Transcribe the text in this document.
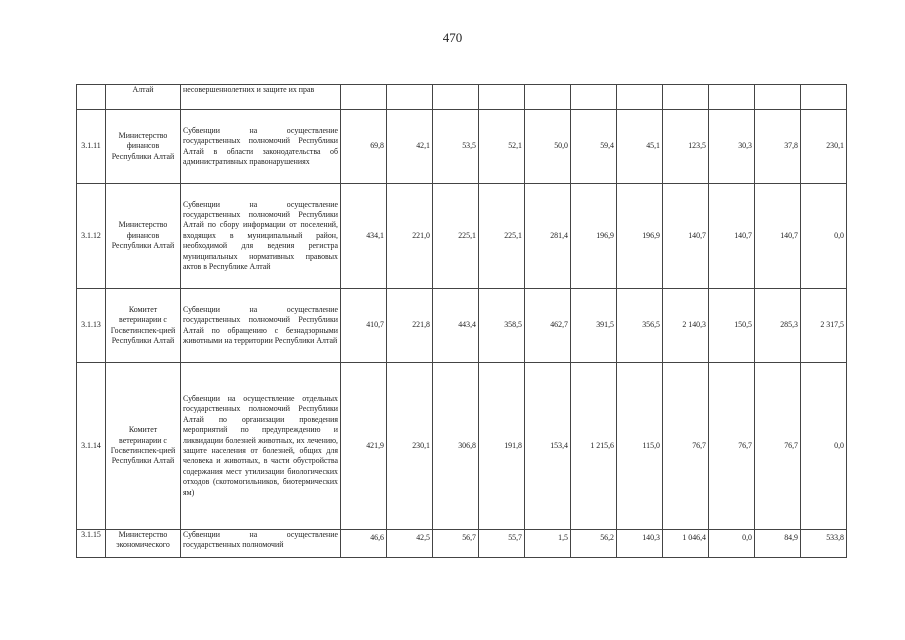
470
	Алтай	несовершеннолетних и защите их прав											
3.1.11	Министерство финансов Республики Алтай	Субвенции на осуществление государственных полномочий Республики Алтай в области законодательства об административных правонарушениях	69,8	42,1	53,5	52,1	50,0	59,4	45,1	123,5	30,3	37,8	230,1
3.1.12	Министерство финансов Республики Алтай	Субвенции на осуществление государственных полномочий Республики Алтай по сбору информации от поселений, входящих в муниципальный район, необходимой для ведения регистра муниципальных нормативных правовых актов в Республике Алтай	434,1	221,0	225,1	225,1	281,4	196,9	196,9	140,7	140,7	140,7	0,0
3.1.13	Комитет ветеринарии с Госветинспек-цией Республики Алтай	Субвенции на осуществление государственных полномочий Республики Алтай по обращению с безнадзорными животными на территории Республики Алтай	410,7	221,8	443,4	358,5	462,7	391,5	356,5	2 140,3	150,5	285,3	2 317,5
3.1.14	Комитет ветеринарии с Госветинспек-цией Республики Алтай	Субвенции на осуществление отдельных государственных полномочий Республики Алтай по организации проведения мероприятий по предупреждению и ликвидации болезней животных, их лечению, защите населения от болезней, общих для человека и животных, в части обустройства содержания мест утилизации биологических отходов (скотомогильников, биотермических ям)	421,9	230,1	306,8	191,8	153,4	1 215,6	115,0	76,7	76,7	76,7	0,0
3.1.15	Министерство экономического	Субвенции на осуществление государственных полномочий	46,6	42,5	56,7	55,7	1,5	56,2	140,3	1 046,4	0,0	84,9	533,8
